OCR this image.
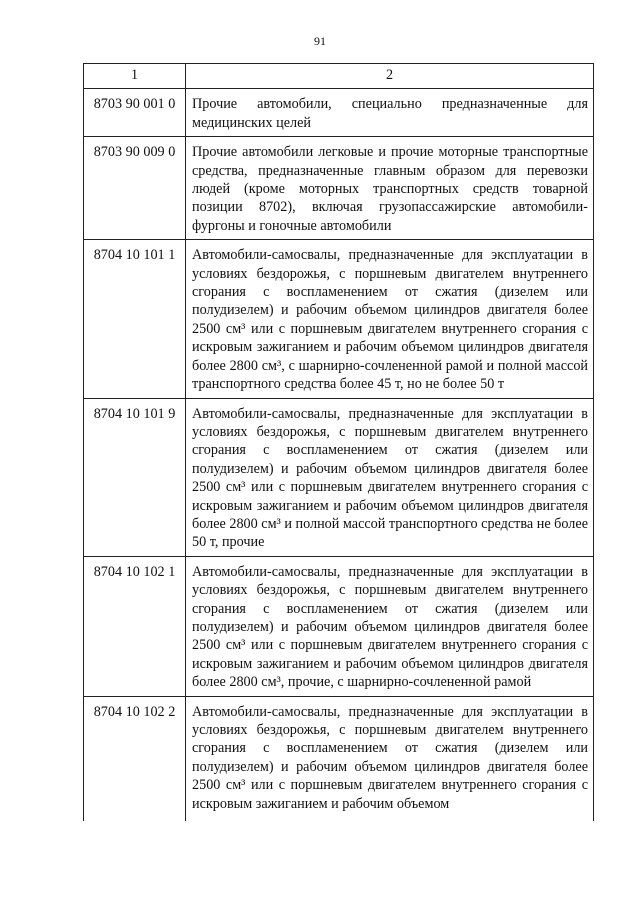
91
1	2
8703 90 001 0	Прочие автомобили, специально предназначенные для медицинских целей
8703 90 009 0	Прочие автомобили легковые и прочие моторные транспортные средства, предназначенные главным образом для перевозки людей (кроме моторных транспортных средств товарной позиции 8702), включая грузопассажирские автомобили-фургоны и гоночные автомобили
8704 10 101 1	Автомобили-самосвалы, предназначенные для эксплуатации в условиях бездорожья, с поршневым двигателем внутреннего сгорания с воспламенением от сжатия (дизелем или полудизелем) и рабочим объемом цилиндров двигателя более 2500 см³ или с поршневым двигателем внутреннего сгорания с искровым зажиганием и рабочим объемом цилиндров двигателя более 2800 см³, с шарнирно-сочлененной рамой и полной массой транспортного средства более 45 т, но не более 50 т
8704 10 101 9	Автомобили-самосвалы, предназначенные для эксплуатации в условиях бездорожья, с поршневым двигателем внутреннего сгорания с воспламенением от сжатия (дизелем или полудизелем) и рабочим объемом цилиндров двигателя более 2500 см³ или с поршневым двигателем внутреннего сгорания с искровым зажиганием и рабочим объемом цилиндров двигателя более 2800 см³ и полной массой транспортного средства не более 50 т, прочие
8704 10 102 1	Автомобили-самосвалы, предназначенные для эксплуатации в условиях бездорожья, с поршневым двигателем внутреннего сгорания с воспламенением от сжатия (дизелем или полудизелем) и рабочим объемом цилиндров двигателя более 2500 см³ или с поршневым двигателем внутреннего сгорания с искровым зажиганием и рабочим объемом цилиндров двигателя более 2800 см³, прочие, с шарнирно-сочлененной рамой
8704 10 102 2	Автомобили-самосвалы, предназначенные для эксплуатации в условиях бездорожья, с поршневым двигателем внутреннего сгорания с воспламенением от сжатия (дизелем или полудизелем) и рабочим объемом цилиндров двигателя более 2500 см³ или с поршневым двигателем внутреннего сгорания с искровым зажиганием и рабочим объемом
